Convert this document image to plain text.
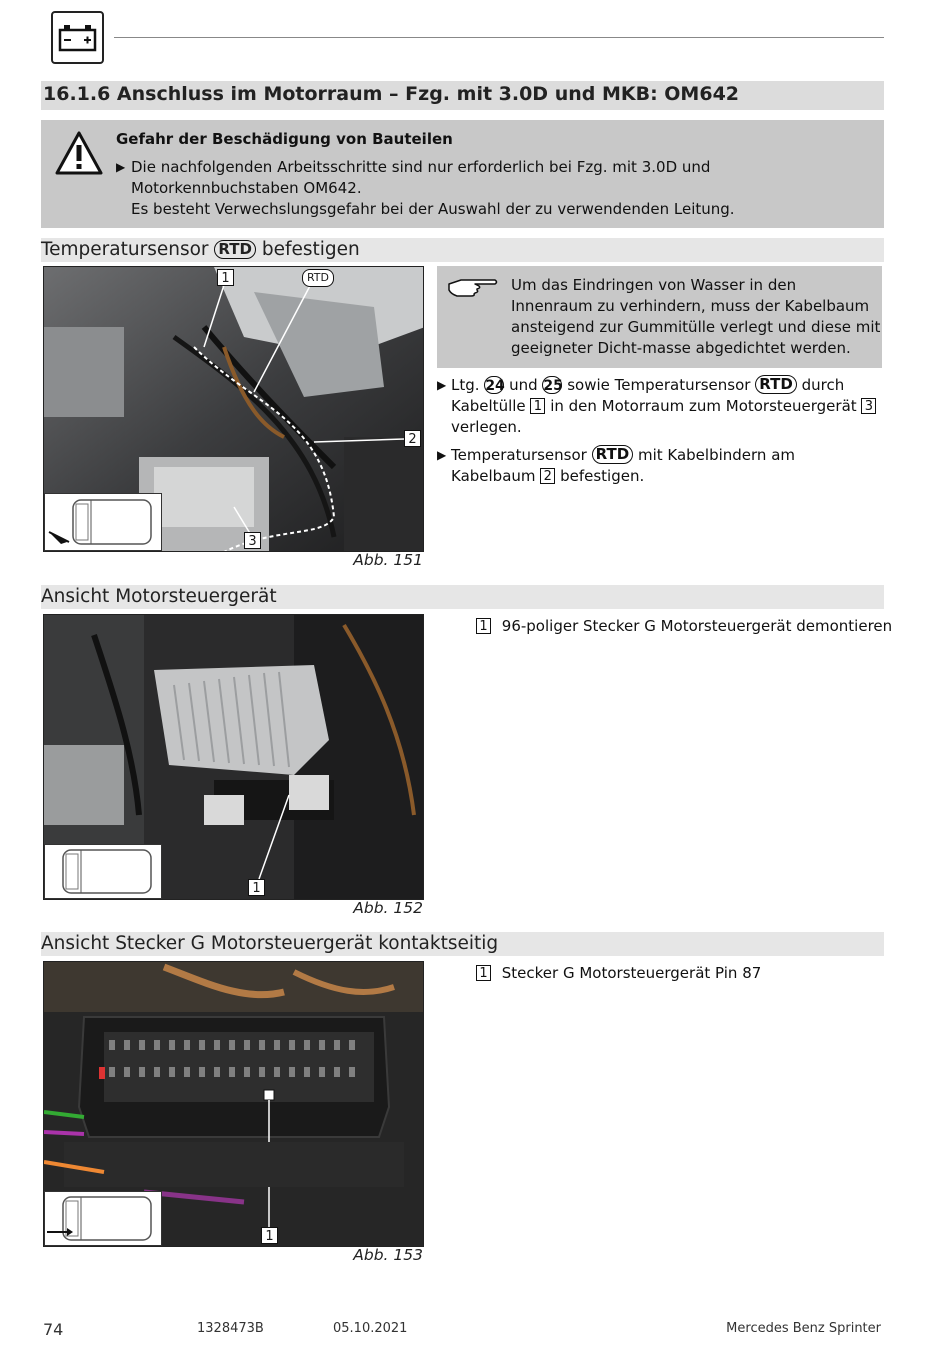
16.1.6 Anschluss im Motorraum – Fzg. mit 3.0D und MKB: OM642
Gefahr der Beschädigung von Bauteilen
▶ Die nachfolgenden Arbeitsschritte sind nur erforderlich bei Fzg. mit 3.0D und Motorkennbuchstaben OM642.
Es besteht Verwechslungsgefahr bei der Auswahl der zu verwendenden Leitung.
Temperatursensor RTD befestigen
1	RTD
2
3
Abb. 151
Um das Eindringen von Wasser in den Innenraum zu verhindern, muss der Kabelbaum ansteigend zur Gummitülle verlegt und diese mit geeigneter Dicht-masse abgedichtet werden.
▶ Ltg. 24 und 25 sowie Temperatursensor RTD durch Kabeltülle 1 in den Motorraum zum Motorsteuergerät 3 verlegen.
▶ Temperatursensor RTD mit Kabelbindern am Kabelbaum 2 befestigen.
Ansicht Motorsteuergerät
1
Abb. 152
1 96-poliger Stecker G Motorsteuergerät demontieren
Ansicht Stecker G Motorsteuergerät kontaktseitig
1
Abb. 153
1 Stecker G Motorsteuergerät Pin 87
74	1328473B	05.10.2021	Mercedes Benz Sprinter
